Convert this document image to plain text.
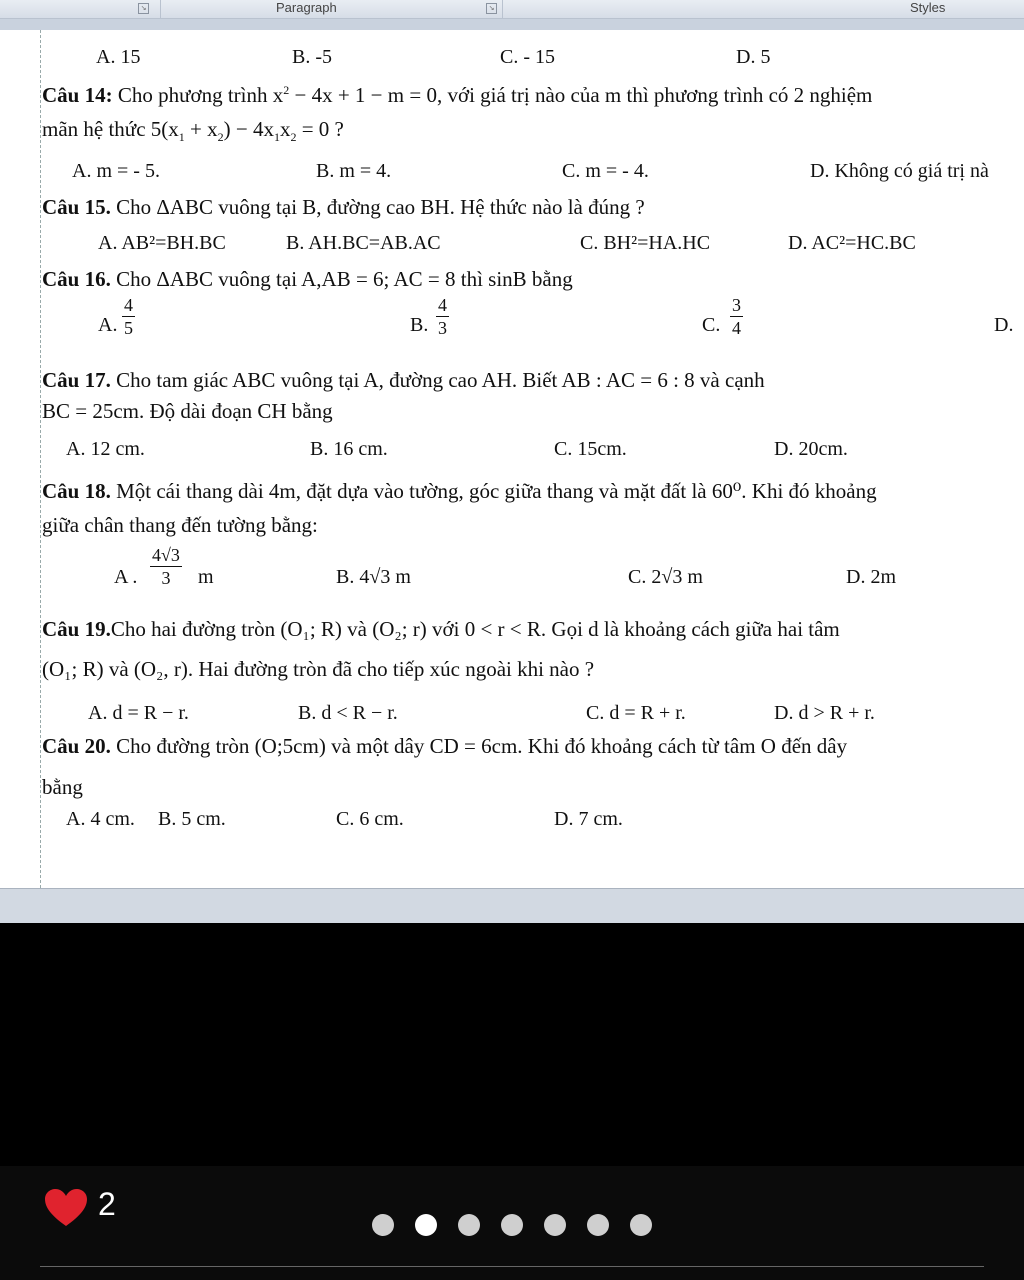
↘	Paragraph	↘	Styles
A. 15	B. -5	C. - 15	D. 5
Câu 14: Cho phương trình $x^2 - 4x + 1 - m = 0$, với giá trị nào của m thì phương trình có 2 nghiệm
mãn hệ thức $5(x_1 + x_2) - 4x_1x_2 = 0$ ?
A. m = - 5.	B. m = 4.	C. m = - 4.	D. Không có giá trị nà
Câu 15. Cho ΔABC vuông tại B, đường cao BH. Hệ thức nào là đúng ?
A. AB²=BH.BC	B. AH.BC=AB.AC	C. BH²=HA.HC	D. AC²=HC.BC
Câu 16. Cho ΔABC vuông tại A,AB = 6; AC = 8 thì sinB bằng
A. $\frac{4}{5}$	B. $\frac{4}{3}$	C. $\frac{3}{4}$	D.
Câu 17. Cho tam giác ABC vuông tại A, đường cao AH. Biết AB : AC = 6 : 8 và cạnh
BC = 25cm. Độ dài đoạn CH bằng
A. 12 cm.	B. 16 cm.	C. 15cm.	D. 20cm.
Câu 18. Một cái thang dài 4m, đặt dựa vào tường, góc giữa thang và mặt đất là 60⁰. Khi đó khoảng
giữa chân thang đến tường bằng:
A . $\frac{4√3}{3}$ m	B. 4√3 m	C. 2√3 m	D. 2m
Câu 19.Cho hai đường tròn (O₁; R) và (O₂; r) với 0 < r < R. Gọi d là khoảng cách giữa hai tâm
(O₁; R) và (O₂, r). Hai đường tròn đã cho tiếp xúc ngoài khi nào ?
A. d = R − r.	B. d < R − r.	C. d = R + r.	D. d > R + r.
Câu 20. Cho đường tròn (O;5cm) và một dây CD = 6cm. Khi đó khoảng cách từ tâm O đến dây
bằng
A. 4 cm. B. 5 cm.	C. 6 cm.	D. 7 cm.
2
